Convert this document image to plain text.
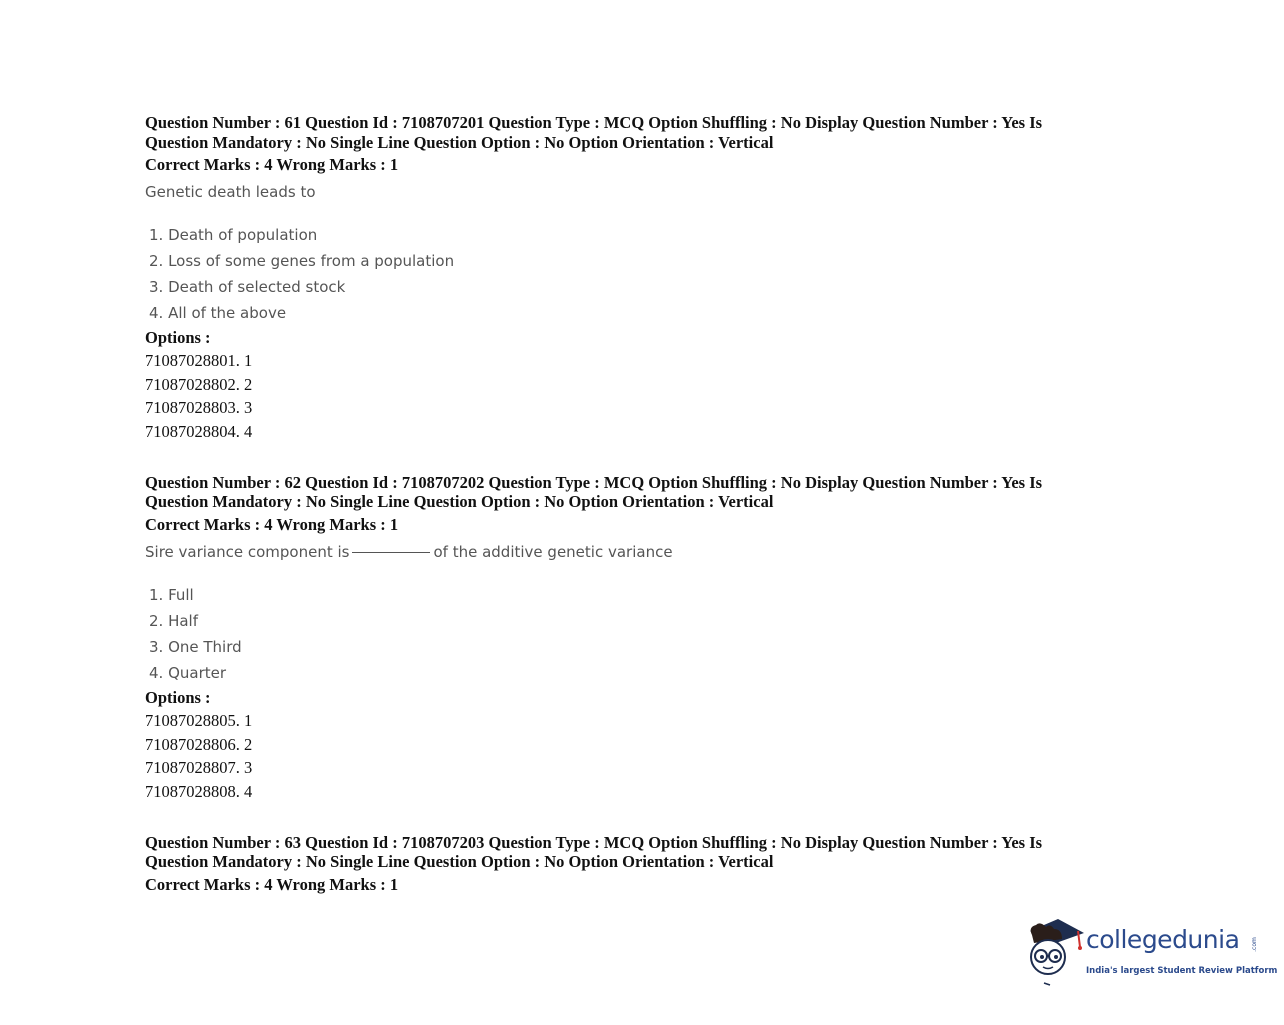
Question Number : 61 Question Id : 7108707201 Question Type : MCQ Option Shuffling : No Display Question Number : Yes Is Question Mandatory : No Single Line Question Option : No Option Orientation : Vertical
Correct Marks : 4 Wrong Marks : 1
Genetic death leads to
1. Death of population
2. Loss of some genes from a population
3. Death of selected stock
4. All of the above
Options :
71087028801. 1
71087028802. 2
71087028803. 3
71087028804. 4
Question Number : 62 Question Id : 7108707202 Question Type : MCQ Option Shuffling : No Display Question Number : Yes Is Question Mandatory : No Single Line Question Option : No Option Orientation : Vertical
Correct Marks : 4 Wrong Marks : 1
Sire variance component is	of the additive genetic variance
1. Full
2. Half
3. One Third
4. Quarter
Options :
71087028805. 1
71087028806. 2
71087028807. 3
71087028808. 4
Question Number : 63 Question Id : 7108707203 Question Type : MCQ Option Shuffling : No Display Question Number : Yes Is Question Mandatory : No Single Line Question Option : No Option Orientation : Vertical
Correct Marks : 4 Wrong Marks : 1
collegedunia .com
India's largest Student Review Platform
